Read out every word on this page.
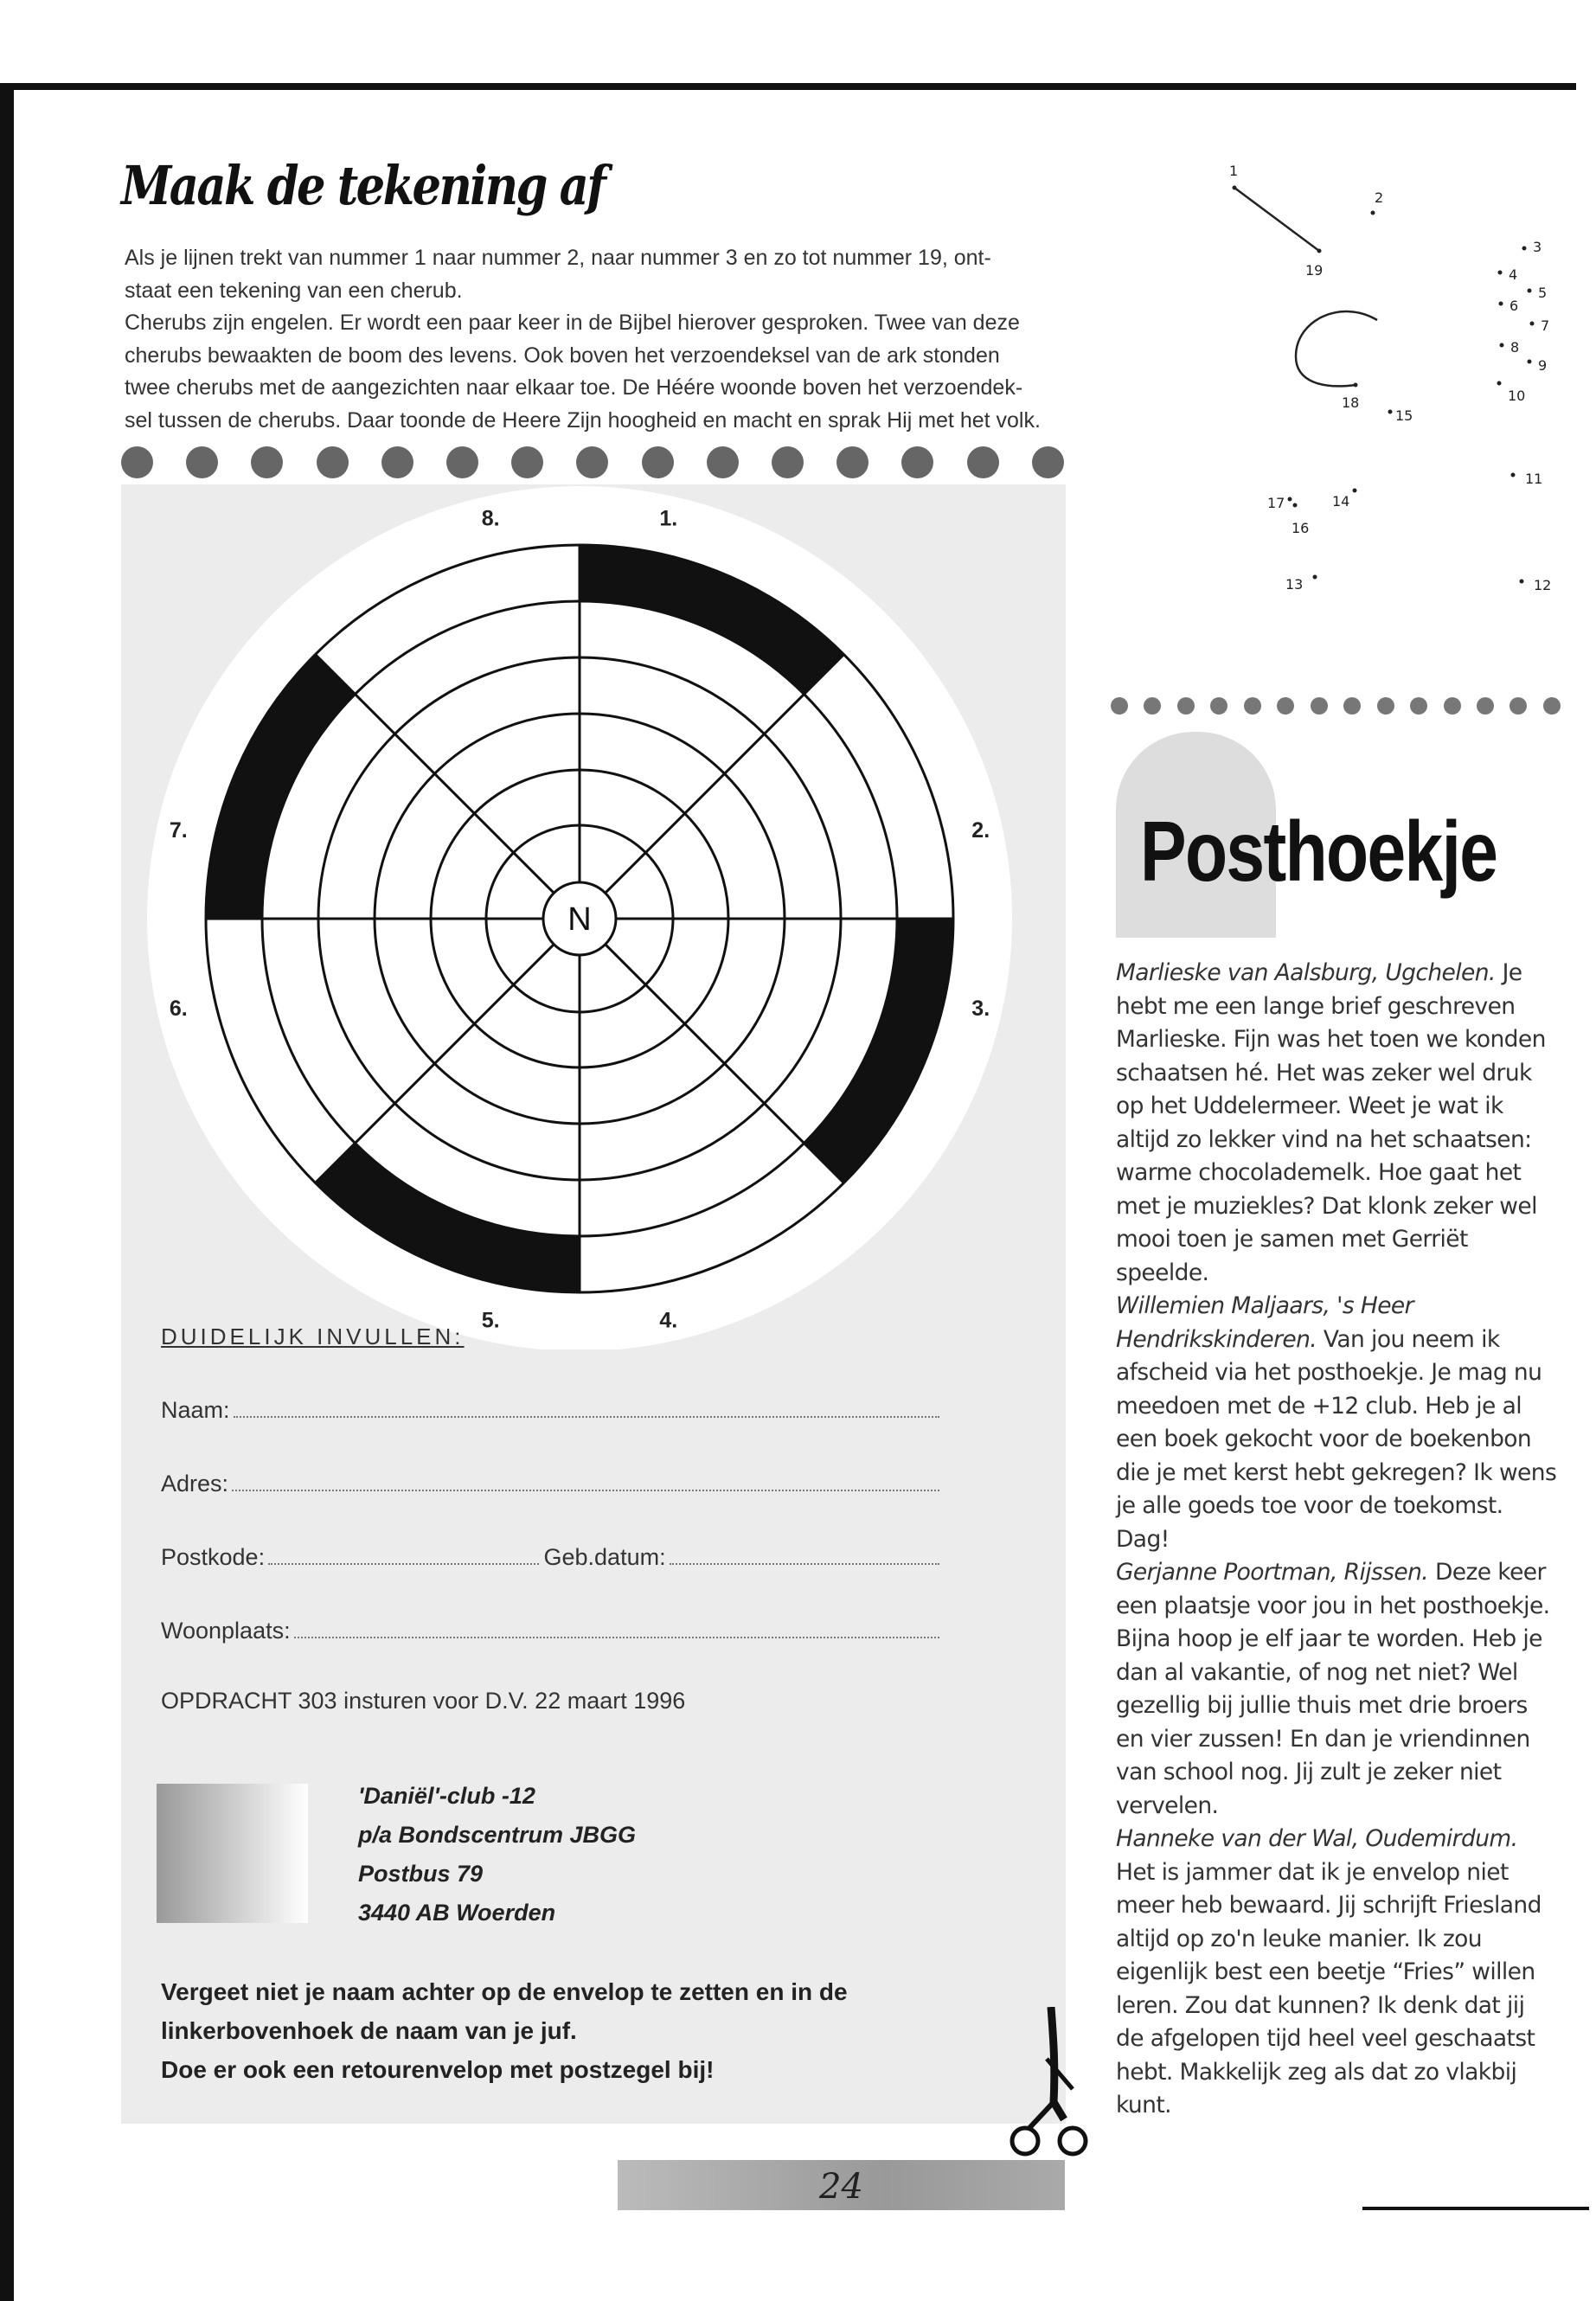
Maak de tekening af
Als je lijnen trekt van nummer 1 naar nummer 2, naar nummer 3 en zo tot nummer 19, ont-
staat een tekening van een cherub.
Cherubs zijn engelen. Er wordt een paar keer in de Bijbel hierover gesproken. Twee van deze
cherubs bewaakten de boom des levens. Ook boven het verzoendeksel van de ark stonden
twee cherubs met de aangezichten naar elkaar toe. De Héére woonde boven het verzoendek-
sel tussen de cherubs. Daar toonde de Heere Zijn hoogheid en macht en sprak Hij met het volk.
N
1.
2.
3.
4.
5.
6.
7.
8.
DUIDELIJK INVULLEN:
Naam:
Adres:
Postkode:	Geb.datum:
Woonplaats:
OPDRACHT 303 insturen voor D.V. 22 maart 1996
'Daniël'-club -12
p/a Bondscentrum JBGG
Postbus 79
3440 AB Woerden
Vergeet niet je naam achter op de envelop te zetten en in de
linkerbovenhoek de naam van je juf.
Doe er ook een retourenvelop met postzegel bij!
24
1
2
3
4
5
6
7
8
9
10
11
12
13
14
15
16
17
18
19
Posthoekje
Marlieske van Aalsburg, Ugchelen. Je hebt me een lange brief geschreven Marlieske. Fijn was het toen we konden schaatsen hé. Het was zeker wel druk op het Uddelermeer. Weet je wat ik altijd zo lekker vind na het schaatsen: warme chocolademelk. Hoe gaat het met je muziekles? Dat klonk zeker wel mooi toen je samen met Gerriët speelde.
Willemien Maljaars, 's Heer Hendrikskinderen. Van jou neem ik afscheid via het posthoekje. Je mag nu meedoen met de +12 club. Heb je al een boek gekocht voor de boekenbon die je met kerst hebt gekregen? Ik wens je alle goeds toe voor de toekomst. Dag!
Gerjanne Poortman, Rijssen. Deze keer een plaatsje voor jou in het posthoekje. Bijna hoop je elf jaar te worden. Heb je dan al vakantie, of nog net niet? Wel gezellig bij jullie thuis met drie broers en vier zussen! En dan je vriendinnen van school nog. Jij zult je zeker niet vervelen.
Hanneke van der Wal, Oudemirdum. Het is jammer dat ik je envelop niet meer heb bewaard. Jij schrijft Friesland altijd op zo'n leuke manier. Ik zou eigenlijk best een beetje “Fries” willen leren. Zou dat kunnen? Ik denk dat jij de afgelopen tijd heel veel geschaatst hebt. Makkelijk zeg als dat zo vlakbij kunt.
